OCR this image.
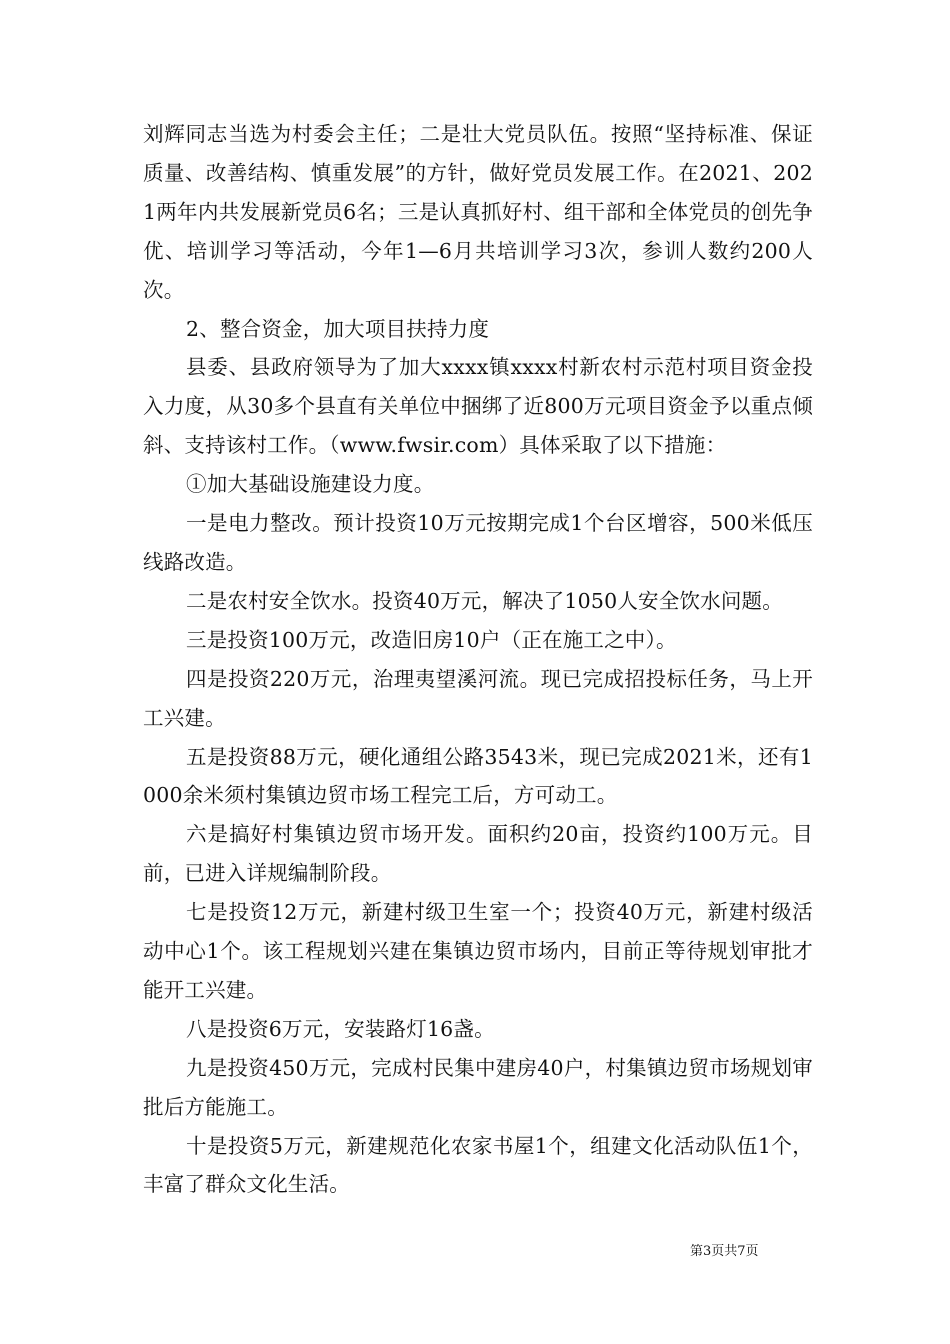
刘辉同志当选为村委会主任；二是壮大党员队伍。按照“坚持标准、保证质量、改善结构、慎重发展”的方针，做好党员发展工作。在2021、2021两年内共发展新党员6名；三是认真抓好村、组干部和全体党员的创先争优、培训学习等活动，今年1—6月共培训学习3次，参训人数约200人次。

2、整合资金，加大项目扶持力度

县委、县政府领导为了加大xxxx镇xxxx村新农村示范村项目资金投入力度，从30多个县直有关单位中捆绑了近800万元项目资金予以重点倾斜、支持该村工作。（www.fwsir.com）具体采取了以下措施：

①加大基础设施建设力度。

一是电力整改。预计投资10万元按期完成1个台区增容，500米低压线路改造。

二是农村安全饮水。投资40万元，解决了1050人安全饮水问题。

三是投资100万元，改造旧房10户（正在施工之中）。

四是投资220万元，治理夷望溪河流。现已完成招投标任务，马上开工兴建。

五是投资88万元，硬化通组公路3543米，现已完成2021米，还有1000余米须村集镇边贸市场工程完工后，方可动工。

六是搞好村集镇边贸市场开发。面积约20亩，投资约100万元。目前，已进入详规编制阶段。

七是投资12万元，新建村级卫生室一个；投资40万元，新建村级活动中心1个。该工程规划兴建在集镇边贸市场内，目前正等待规划审批才能开工兴建。

八是投资6万元，安装路灯16盏。

九是投资450万元，完成村民集中建房40户，村集镇边贸市场规划审批后方能施工。

十是投资5万元，新建规范化农家书屋1个，组建文化活动队伍1个，丰富了群众文化生活。

第3页共7页
